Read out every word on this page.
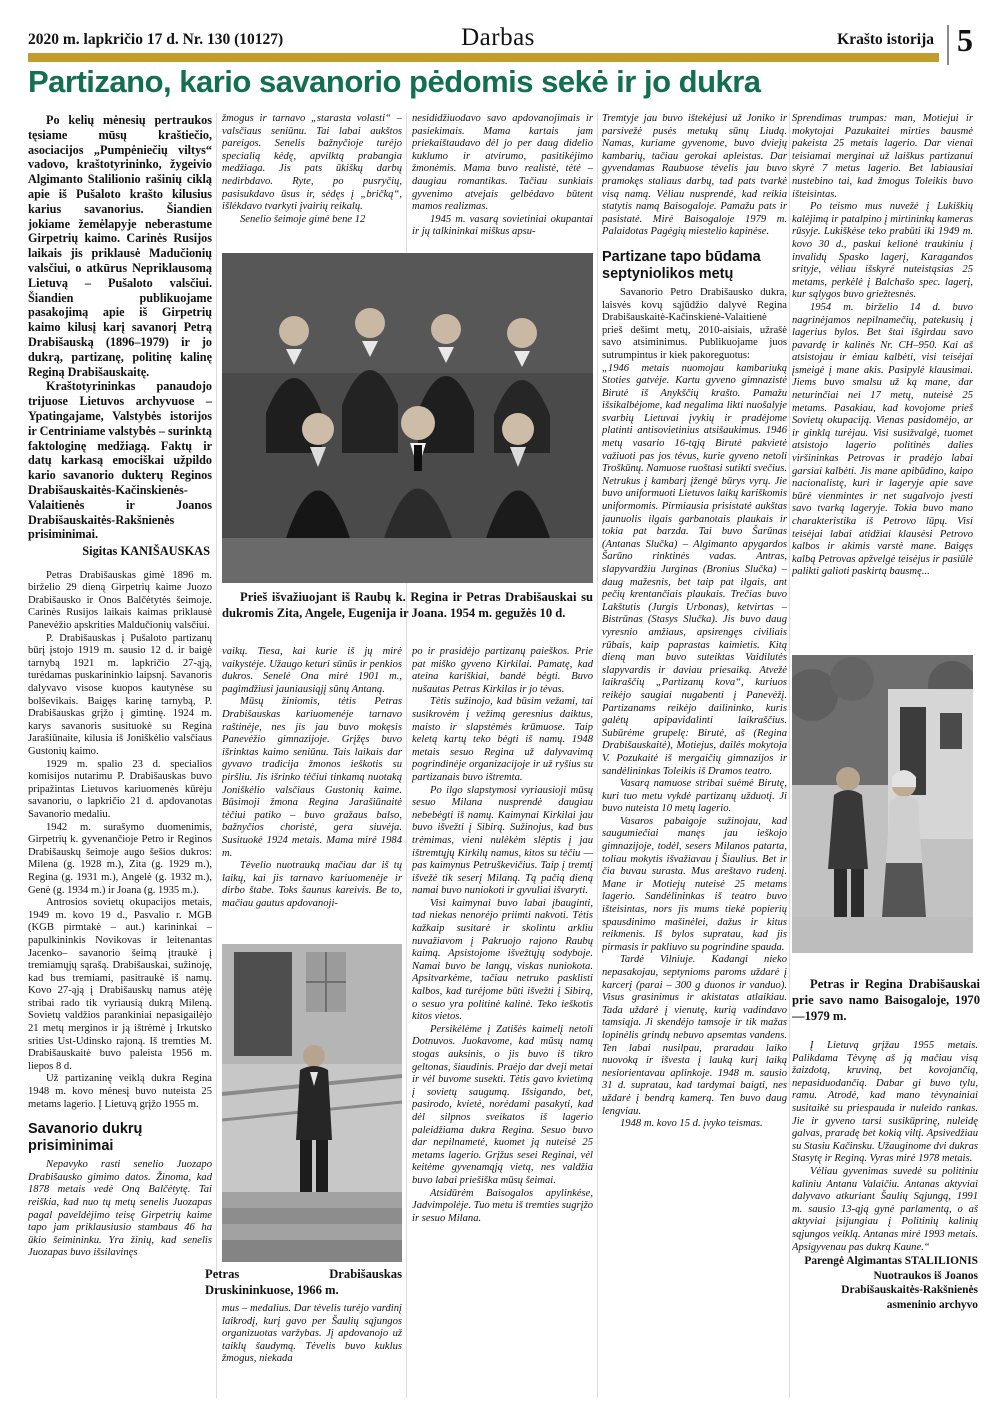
2020 m. lapkričio 17 d. Nr. 130 (10127)	Darbas	Krašto istorija 5
Partizano, kario savanorio pėdomis sekė ir jo dukra

Po kelių mėnesių pertraukos tęsiame mūsų kraštiečio, asociacijos „Pumpėniečių viltys“ vadovo, kraštotyrininko, žygeivio Algimanto Stalilionio rašinių ciklą apie iš Pušaloto krašto kilusius karius savanorius. Šiandien jokiame žemėlapyje neberastume Girpetrių kaimo. Carinės Rusijos laikais jis priklausė Madučionių valsčiui, o atkūrus Nepriklausomą Lietuvą – Pušaloto valsčiui. Šiandien publikuojame pasakojimą apie iš Girpetrių kaimo kilusį karį savanorį Petrą Drabišauską (1896–1979) ir jo dukrą, partizanę, politinę kalinę Reginą Drabišauskaitę.

Kraštotyrininkas panaudojo trijuose Lietuvos archyvuose – Ypatingajame, Valstybės istorijos ir Centriniame valstybės – surinktą faktologinę medžiagą. Faktų ir datų karkasą emociškai užpildo kario savanorio dukterų Reginos Drabišauskaitės-Kačinskienės-Valaitienės ir Joanos Drabišauskaitės-Rakšnienės prisiminimai.

Sigitas KANIŠAUSKAS

Petras Drabišauskas gimė 1896 m. birželio 29 dieną Girpetrių kaime Juozo Drabišausko ir Onos Balčėtytės šeimoje. Carinės Rusijos laikais kaimas priklausė Panevėžio apskrities Maldučionių valsčiui.

P. Drabišauskas į Pušaloto partizanų būrį įstojo 1919 m. sausio 12 d. ir baigė tarnybą 1921 m. lapkričio 27-ąją, turėdamas puskarininkio laipsnį. Savanoris dalyvavo visose kuopos kautynėse su bolševikais. Baigęs karinę tarnybą, P. Drabišauskas grįžo į gimtinę. 1924 m. karys savanoris susituokė su Regina Jarašiūnaite, kilusia iš Joniškėlio valsčiaus Gustonių kaimo.

1929 m. spalio 23 d. specialios komisijos nutarimu P. Drabišauskas buvo pripažintas Lietuvos kariuomenės kūrėju savanoriu, o lapkričio 21 d. apdovanotas Savanorio medaliu.

1942 m. surašymo duomenimis, Girpetrių k. gyvenančioje Petro ir Reginos Drabišauskų šeimoje augo šešios dukros: Milena (g. 1928 m.), Zita (g. 1929 m.), Regina (g. 1931 m.), Angelė (g. 1932 m.), Genė (g. 1934 m.) ir Joana (g. 1935 m.).

Antrosios sovietų okupacijos metais, 1949 m. kovo 19 d., Pasvalio r. MGB (KGB pirmtakė – aut.) karininkai – papulkininkis Novikovas ir leitenantas Jacenko– savanorio šeimą įtraukė į tremiamųjų sąrašą. Drabišauskai, sužinoję, kad bus tremiami, pasitraukė iš namų. Kovo 27-ąją į Drabišauskų namus atėję stribai rado tik vyriausią dukrą Mileną. Sovietų valdžios parankiniai nepasigailėjo 21 metų merginos ir ją ištrėmė į Irkutsko srities Ust-Udinsko rajoną. Iš tremties M. Drabišauskaitė buvo paleista 1956 m. liepos 8 d.

Už partizaninę veiklą dukra Regina 1948 m. kovo mėnesį buvo nuteista 25 metams lagerio. Į Lietuvą grįžo 1955 m.

Savanorio dukrų prisiminimai

Nepavyko rasti senelio Juozapo Drabišausko gimimo datos. Žinoma, kad 1878 metais vedė Oną Balčėtytę. Tai reiškia, kad nuo tų metų senelis Juozapas pagal paveldėjimo teisę Girpetrių kaime tapo jam priklausiusio stambaus 46 ha ūkio šeimininku. Yra žinių, kad senelis Juozapas buvo išsilavinęs

žmogus ir tarnavo „starasta volasti“ – valsčiaus seniūnu. Tai labai aukštos pareigos. Senelis bažnyčioje turėjo specialią kėdę, apvilktą prabangia medžiaga. Jis pats ūkiškų darbų nedirbdavo. Ryte, po pusryčių, pasisukdavo ūsus ir, sėdęs į „bričką“, išlėkdavo tvarkyti įvairių reikalų.

Senelio šeimoje gimė bene 12

nesididžiuodavo savo apdovanojimais ir pasiekimais. Mama kartais jam priekaištaudavo dėl jo per daug didelio kuklumo ir atvirumo, pasitikėjimo žmonėmis. Mama buvo realistė, tėtė – daugiau romantikas. Tačiau sunkiais gyvenimo atvejais gelbėdavo būtent mamos realizmas.

1945 m. vasarą sovietiniai okupantai ir jų talkininkai miškus apsu-

vaikų. Tiesa, kai kurie iš jų mirė vaikystėje. Užaugo keturi sūnūs ir penkios dukros. Senelė Ona mirė 1901 m., pagimdžiusi jauniausiąjį sūnų Antaną.

Mūsų žiniomis, tėtis Petras Drabišauskas kariuomenėje tarnavo raštinėje, nes jis jau buvo mokęsis Panevėžio gimnazijoje. Grįžęs buvo išrinktas kaimo seniūnu. Tais laikais dar gyvavo tradicija žmonos ieškotis su piršliu. Jis išrinko tėčiui tinkamą nuotaką Joniškėlio valsčiaus Gustonių kaime. Būsimoji žmona Regina Jarašiūnaitė tėčiui patiko – buvo gražaus balso, bažnyčios choristė, gera siuvėja. Susituokė 1924 metais. Mama mirė 1984 m.

Tėvelio nuotrauką mačiau dar iš tų laikų, kai jis tarnavo kariuomenėje ir dirbo štabe. Toks šaunus kareivis. Be to, mačiau gautus apdovanoji-

po ir prasidėjo partizanų paieškos. Prie pat miško gyveno Kirkilai. Pamatę, kad ateina kariškiai, bandė bėgti. Buvo nušautas Petras Kirkilas ir jo tėvas.

Tėtis sužinojo, kad būsim vežami, tai susikrovėm į vežimą geresnius daiktus, maisto ir slapstėmės krūmuose. Taip keletą kartų teko bėgti iš namų. 1948 metais sesuo Regina už dalyvavimą pogrindinėje organizacijoje ir už ryšius su partizanais buvo ištremta.

Po ilgo slapstymosi vyriausioji mūsų sesuo Milana nusprendė daugiau nebebėgti iš namų. Kaimynai Kirkilai jau buvo išvežti į Sibirą. Sužinojus, kad bus trėmimas, vieni nulėkėm slėptis į jau ištremtųjų Kirkilų namus, kitos su tėčiu — pas kaimynus Petruškevičius. Taip į tremtį išvežė tik seserį Milaną. Tą pačią dieną namai buvo nuniokoti ir gyvuliai išvaryti.

Visi kaimynai buvo labai įbauginti, tad niekas nenorėjo priimti nakvoti. Tėtis kažkaip susitarė ir skolintu arkliu nuvažiavom į Pakruojo rajono Raubų kaimą. Apsistojome išvežtųjų sodyboje. Namai buvo be langų, viskas nuniokota. Apsitvarkėme, tačiau netruko pasklisti kalbos, kad turėjome būti išvežti į Sibirą, o sesuo yra politinė kalinė. Teko ieškotis kitos vietos.

Persikėlėme į Zatišės kaimelį netoli Dotnuvos. Juokavome, kad mūsų namų stogas auksinis, o jis buvo iš tikro geltonas, šiaudinis. Praėjo dar dveji metai ir vėl buvome susekti. Tėtis gavo kvietimą į sovietų saugumą. Išsigando, bet, pasirodo, kvietė, norėdami pasakyti, kad dėl silpnos sveikatos iš lagerio paleidžiama dukra Regina. Sesuo buvo dar nepilnametė, kuomet ją nuteisė 25 metams lagerio. Grįžus sesei Reginai, vėl keitėme gyvenamąją vietą, nes valdžia buvo labai priešiška mūsų šeimai.

Atsidūrėm Baisogalos apylinkėse, Jadvimpolėje. Tuo metu iš tremties sugrįžo ir sesuo Milana.

mus – medalius. Dar tėvelis turėjo vardinį laikrodį, kurį gavo per Šaulių sąjungos organizuotas varžybas. Jį apdovanojo už taiklų šaudymą. Tėvelis buvo kuklus žmogus, niekada

Tremtyje jau buvo ištekėjusi už Joniko ir parsivežė pusės metukų sūnų Liudą. Namas, kuriame gyvenome, buvo dviejų kambarių, tačiau gerokai apleistas. Dar gyvendamas Raubuose tėvelis jau buvo pramokęs staliaus darbų, tad pats tvarkė visą namą. Vėliau nusprendė, kad reikia statytis namą Baisogaloje. Pamažu pats ir pasistatė. Mirė Baisogaloje 1979 m. Palaidotas Pagėgių miestelio kapinėse.

Partizane tapo būdama septyniolikos metų

Savanorio Petro Drabišausko dukra, laisvės kovų sąjūdžio dalyvė Regina Drabišauskaitė-Kačinskienė-Valaitienė prieš dešimt metų, 2010-aisiais, užrašė savo atsiminimus. Publikuojame juos sutrumpintus ir kiek pakoreguotus:

„1946 metais nuomojau kambariuką Stoties gatvėje. Kartu gyveno gimnazistė Birutė iš Anykščių krašto. Pamažu išsikalbėjome, kad negalima likti nuošalyje svarbių Lietuvai įvykių ir pradėjome platinti antisovietinius atsišaukimus. 1946 metų vasario 16-tąją Birutė pakvietė važiuoti pas jos tėvus, kurie gyveno netoli Troškūnų. Namuose ruoštasi sutikti svečius. Netrukus į kambarį įžengė būrys vyrų. Jie buvo uniformuoti Lietuvos laikų kariškomis uniformomis. Pirmiausia prisistatė aukštas jaunuolis ilgais garbanotais plaukais ir tokia pat barzda. Tai buvo Šarūnas (Antanas Slučka) – Algimanto apygardos Šarūno rinktinės vadas. Antras, slapyvardžiu Jurginas (Bronius Slučka) – daug mažesnis, bet taip pat ilgais, ant pečių krentančiais plaukais. Trečias buvo Lakštutis (Jurgis Urbonas), ketvirtas – Bistrūnas (Stasys Slučka). Jis buvo daug vyresnio amžiaus, apsirengęs civiliais rūbais, kaip paprastas kaimietis. Kitą dieną man buvo suteiktas Vaidilutės slapyvardis ir daviau priesaiką. Atvežė laikraščių „Partizanų kova“, kuriuos reikėjo saugiai nugabenti į Panevėžį. Partizanams reikėjo dailininko, kuris galėtų apipavidalinti laikraščius. Subūrėme grupelę: Birutė, aš (Regina Drabišauskaitė), Motiejus, dailės mokytoja V. Pozukaitė iš mergaičių gimnazijos ir sandėlininkas Toleikis iš Dramos teatro.

Vasarą namuose stribai suėmė Birutę, kuri tuo metu vykdė partizanų užduotį. Ji buvo nuteista 10 metų lagerio.

Vasaros pabaigoje sužinojau, kad saugumiečiai manęs jau ieškojo gimnazijoje, todėl, sesers Milanos patarta, toliau mokytis išvažiavau į Šiaulius. Bet ir čia buvau surasta. Mus areštavo rudenį. Mane ir Motiejų nuteisė 25 metams lagerio. Sandėlininkas iš teatro buvo išteisintas, nors jis mums tiekė popierių spausdinimo mašinėlei, dažus ir kitus reikmenis. Iš bylos supratau, kad jis pirmasis ir pakliuvo su pogrindine spauda.

Tardė Vilniuje. Kadangi nieko nepasakojau, septynioms paroms uždarė į karcerį (parai – 300 g duonos ir vanduo). Visus grasinimus ir akistatas atlaikiau. Tada uždarė į vienutę, kurią vadindavo tamsiąja. Ji skendėjo tamsoje ir tik mažas lopinėlis grindų nebuvo apsemtas vandens. Ten labai nusilpau, praradau laiko nuovoką ir išvesta į lauką kurį laiką nesiorientavau aplinkoje. 1948 m. sausio 31 d. supratau, kad tardymai baigti, nes uždarė į bendrą kamerą. Ten buvo daug lengviau.

1948 m. kovo 15 d. įvyko teismas.

Sprendimas trumpas: man, Motiejui ir mokytojai Pazukaitei mirties bausmė pakeista 25 metais lagerio. Dar vienai teisiamai merginai už laiškus partizanui skyrė 7 metus lagerio. Bet labiausiai nustebino tai, kad žmogus Toleikis buvo išteisintas.

Po teismo mus nuvežė į Lukiškių kalėjimą ir patalpino į mirtininkų kameras rūsyje. Lukiškėse teko prabūti iki 1949 m. kovo 30 d., paskui kelionė traukiniu į invalidų Spasko lagerį, Karagandos srityje, vėliau išskyrė nuteistąsias 25 metams, perkėlė į Balchašo spec. lagerį, kur sąlygos buvo griežtesnės.

1954 m. birželio 14 d. buvo nagrinėjamos nepilnamečių, patekusių į lagerius bylos. Bet štai išgirdau savo pavardę ir kalinės Nr. CH–950. Kai aš atsistojau ir ėmiau kalbėti, visi teisėjai įsmeigė į mane akis. Pasipylė klausimai. Jiems buvo smalsu už ką mane, dar neturinčiai nei 17 metų, nuteisė 25 metams. Pasakiau, kad kovojome prieš Sovietų okupaciją. Vienas pasidomėjo, ar ir ginklą turėjau. Visi susižvalgė, tuomet atsistojo lagerio politinės dalies viršininkas Petrovas ir pradėjo labai garsiai kalbėti. Jis mane apibūdino, kaipo nacionalistę, kuri ir lageryje apie save būrė vienmintes ir net sugalvojo įvesti savo tvarką lageryje. Tokia buvo mano charakteristika iš Petrovo lūpų. Visi teisėjai labai atidžiai klausėsi Petrovo kalbos ir akimis varstė mane. Baigęs kalbą Petrovas apžvelgė teisėjus ir pasiūlė palikti galioti paskirtą bausmę...

Į Lietuvą grįžau 1955 metais. Palikdama Tėvynę aš ją mačiau visą žaizdotą, kruviną, bet kovojančią, nepasiduodančią. Dabar gi buvo tylu, ramu. Atrodė, kad mano tėvynainiai susitaikė su priespauda ir nuleido rankas. Jie ir gyveno tarsi susikūprinę, nuleidę galvas, praradę bet kokią viltį. Apsivedžiau su Stasiu Kačinsku. Užauginome dvi dukras Stasytę ir Reginą. Vyras mirė 1978 metais.

Vėliau gyvenimas suvedė su politiniu kaliniu Antanu Valaičiu. Antanas aktyviai dalyvavo atkuriant Šaulių Sąjungą, 1991 m. sausio 13-ąją gynė parlamentą, o aš aktyviai įsijungiau į Politinių kalinių sąjungos veiklą. Antanas mirė 1993 metais. Apsigyvenau pas dukrą Kaune.“

Parengė Algimantas STALILIONIS

Nuotraukos iš Joanos Drabišauskaitės-Rakšnienės asmeninio archyvo

Prieš išvažiuojant iš Raubų k. Regina ir Petras Drabišauskai su dukromis Zita, Angele, Eugenija ir Joana. 1954 m. gegužės 10 d.
Petras Drabišauskas Druskininkuose, 1966 m.
Petras ir Regina Drabišauskai prie savo namo Baisogaloje, 1970—1979 m.
